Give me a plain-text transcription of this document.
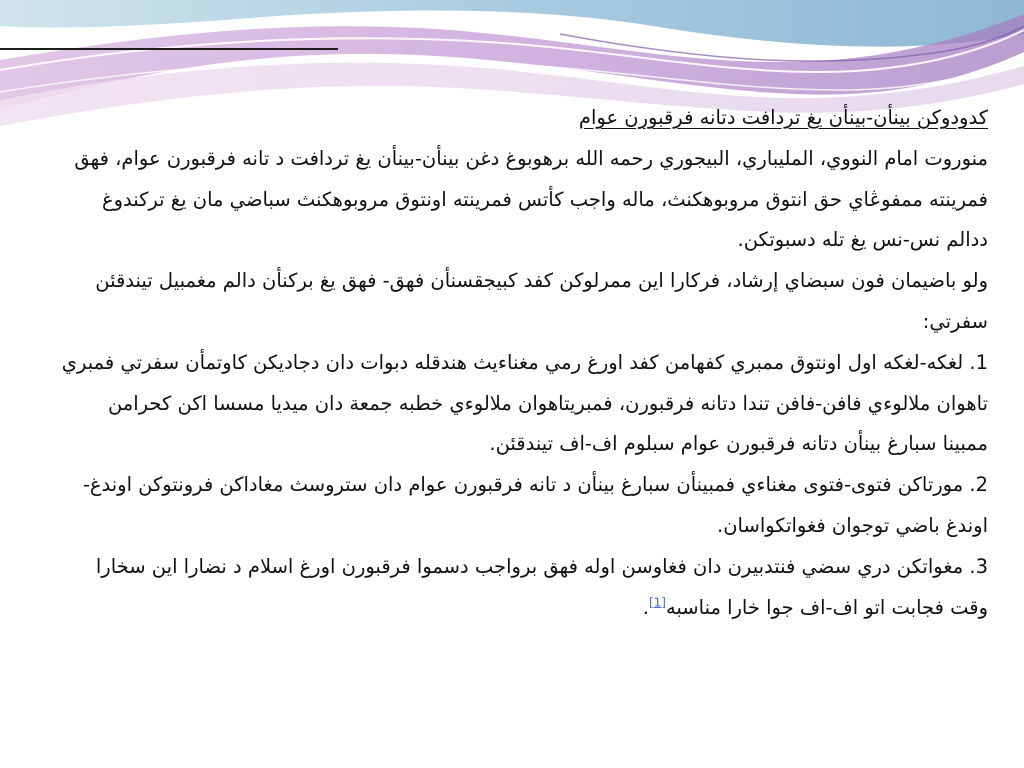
كدودوكن بينأن-بينأن يغ تردافت دتانه فرقبورن عوام

منوروت امام النووي، المليباري، البيجوري رحمه الله برهوبوغ دغن بينأن-بينأن يغ تردافت د تانه فرقبورن عوام، فهق فمرينته ممفوڠاي حق انتوق مروبوهكنث، ماله واجب كأتس فمرينته اونتوق مروبوهكنث سباضي مان يغ تركندوغ ددالم نس-نس يغ تله دسبوتكن.

ولو باضيمان فون سبضاي إرشاد، فركارا اين ممرلوكن كفد كبيجقسنأن فهق- فهق يغ بركنأن دالم مغمبيل تيندقئن سفرتي:

1. لغكه-لغكه اول اونتوق ممبري كفهامن كفد اورغ رمي مغناءيث هندقله دبوات دان دجاديكن كاوتمأن سفرتي فمبري تاهوان ملالوءي فافن-فافن تندا دتانه فرقبورن، فمبريتاهوان ملالوءي خطبه جمعة دان ميديا مسسا اكن كحرامن ممبينا سبارغ بينأن دتانه فرقبورن عوام سبلوم اف-اف تيندقئن.

2. مورتاكن فتوى-فتوى مغناءي فمبينأن سبارغ بينأن د تانه فرقبورن عوام دان ستروسث مغاداكن فرونتوكن اوندغ-اوندغ باضي توجوان فغواتكواسان.

3. مغواتكن دري سضي فنتدبيرن دان فغاوسن اوله فهق برواجب دسموا فرقبورن اورغ اسلام د نضارا اين سخارا وقت فجابت اتو اف-اف جوا خارا مناسبه[1].
